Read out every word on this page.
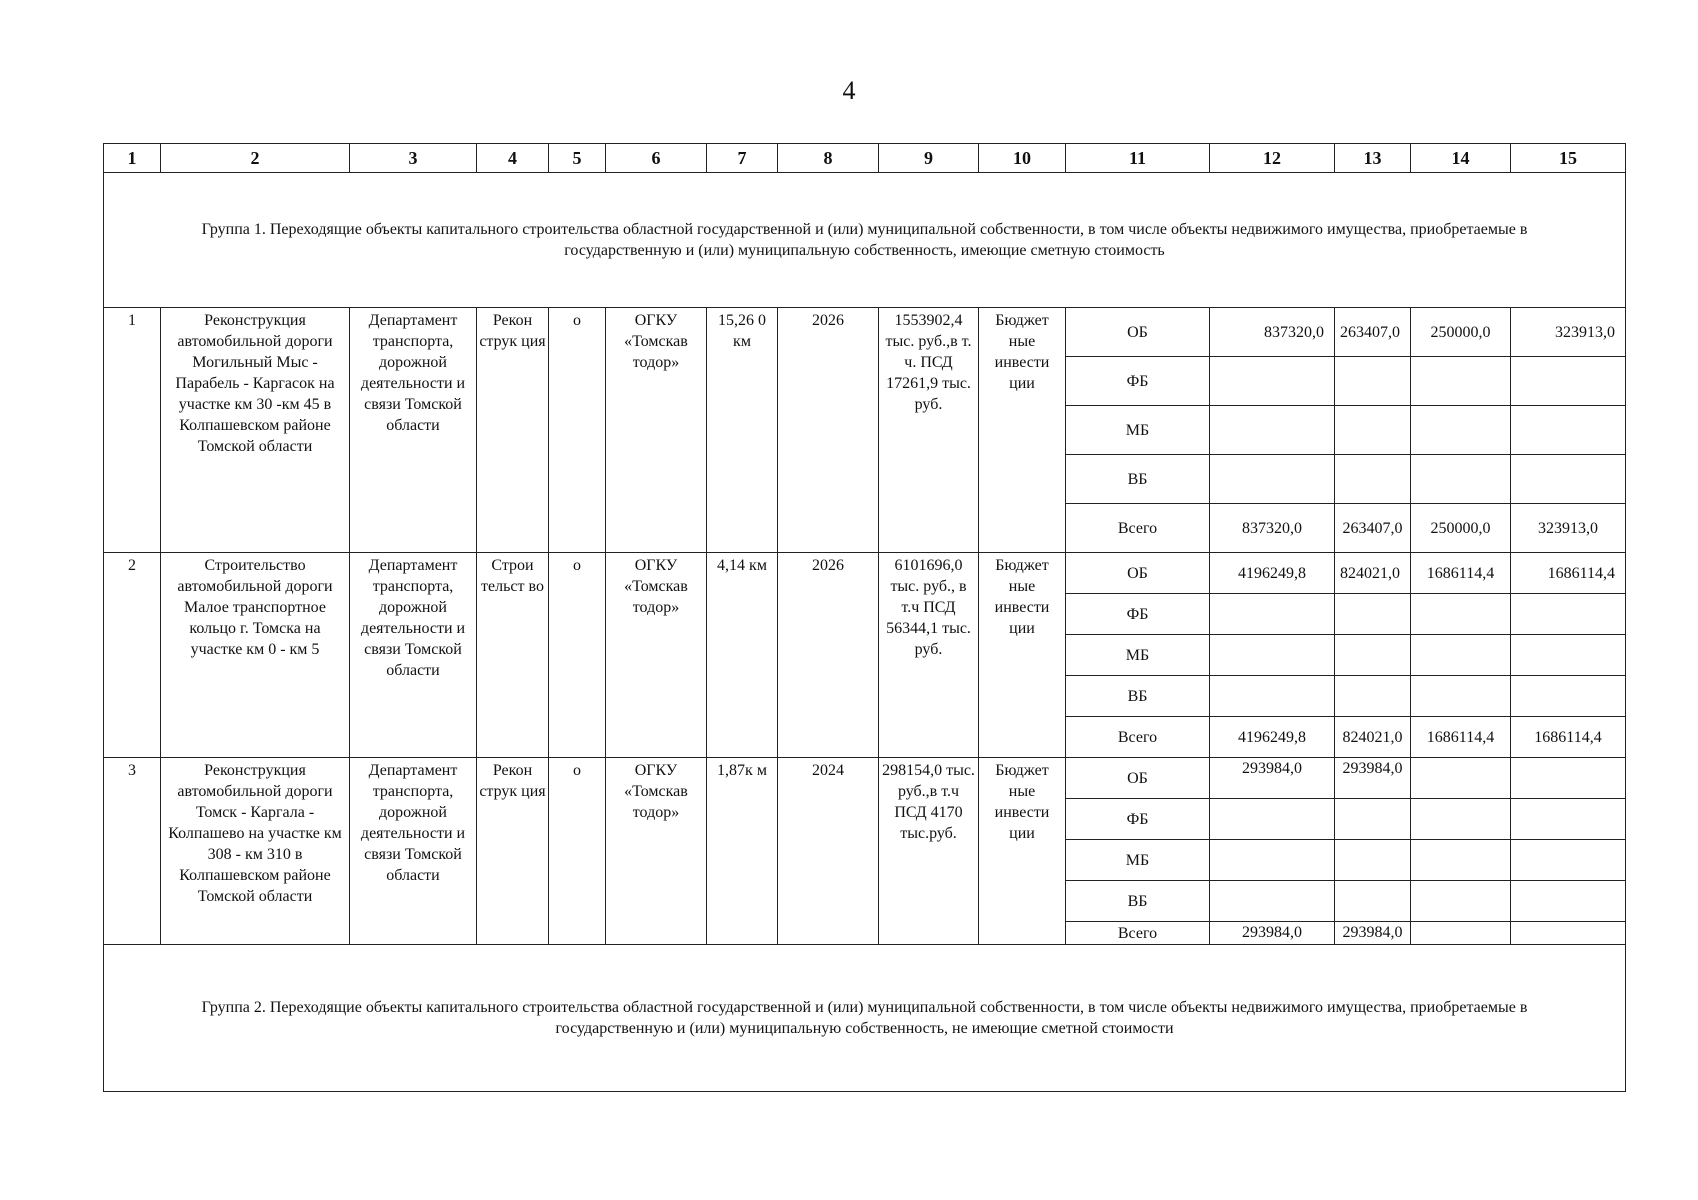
4
1	2	3	4	5	6	7	8	9	10	11	12	13	14	15
Группа 1. Переходящие объекты капитального строительства областной государственной и (или) муниципальной собственности, в том числе объекты недвижимого имущества, приобретаемые в государственную и (или) муниципальную собственность, имеющие сметную стоимость														
1	Реконструкция автомобильной дороги Могильный Мыс - Парабель - Каргасок на участке км 30 -км 45 в Колпашевском районе Томской области	Департамент транспорта, дорожной деятельности и связи Томской области	Рекон струк ция	о	ОГКУ «Томскав тодор»	15,26 0 км	2026	1553902,4 тыс. руб.,в т. ч. ПСД 17261,9 тыс. руб.	Бюджет ные инвести ции	ОБ	837320,0	263407,0	250000,0	323913,0
										ФБ				
										МБ				
										ВБ				
										Всего	837320,0	263407,0	250000,0	323913,0
2	Строительство автомобильной дороги Малое транспортное кольцо г. Томска на участке км 0 - км 5	Департамент транспорта, дорожной деятельности и связи Томской области	Строи тельст во	о	ОГКУ «Томскав тодор»	4,14 км	2026	6101696,0 тыс. руб., в т.ч ПСД 56344,1 тыс. руб.	Бюджет ные инвести ции	ОБ	4196249,8	824021,0	1686114,4	1686114,4
										ФБ				
										МБ				
										ВБ				
										Всего	4196249,8	824021,0	1686114,4	1686114,4
3	Реконструкция автомобильной дороги Томск - Каргала - Колпашево на участке км 308 - км 310 в Колпашевском районе Томской области	Департамент транспорта, дорожной деятельности и связи Томской области	Рекон струк ция	о	ОГКУ «Томскав тодор»	1,87к м	2024	298154,0 тыс. руб.,в т.ч ПСД 4170 тыс.руб.	Бюджет ные инвести ции	ОБ	293984,0	293984,0		
										ФБ				
										МБ				
										ВБ				
										Всего	293984,0	293984,0		
Группа 2. Переходящие объекты капитального строительства областной государственной и (или) муниципальной собственности, в том числе объекты недвижимого имущества, приобретаемые в государственную и (или) муниципальную собственность, не имеющие сметной стоимости														
